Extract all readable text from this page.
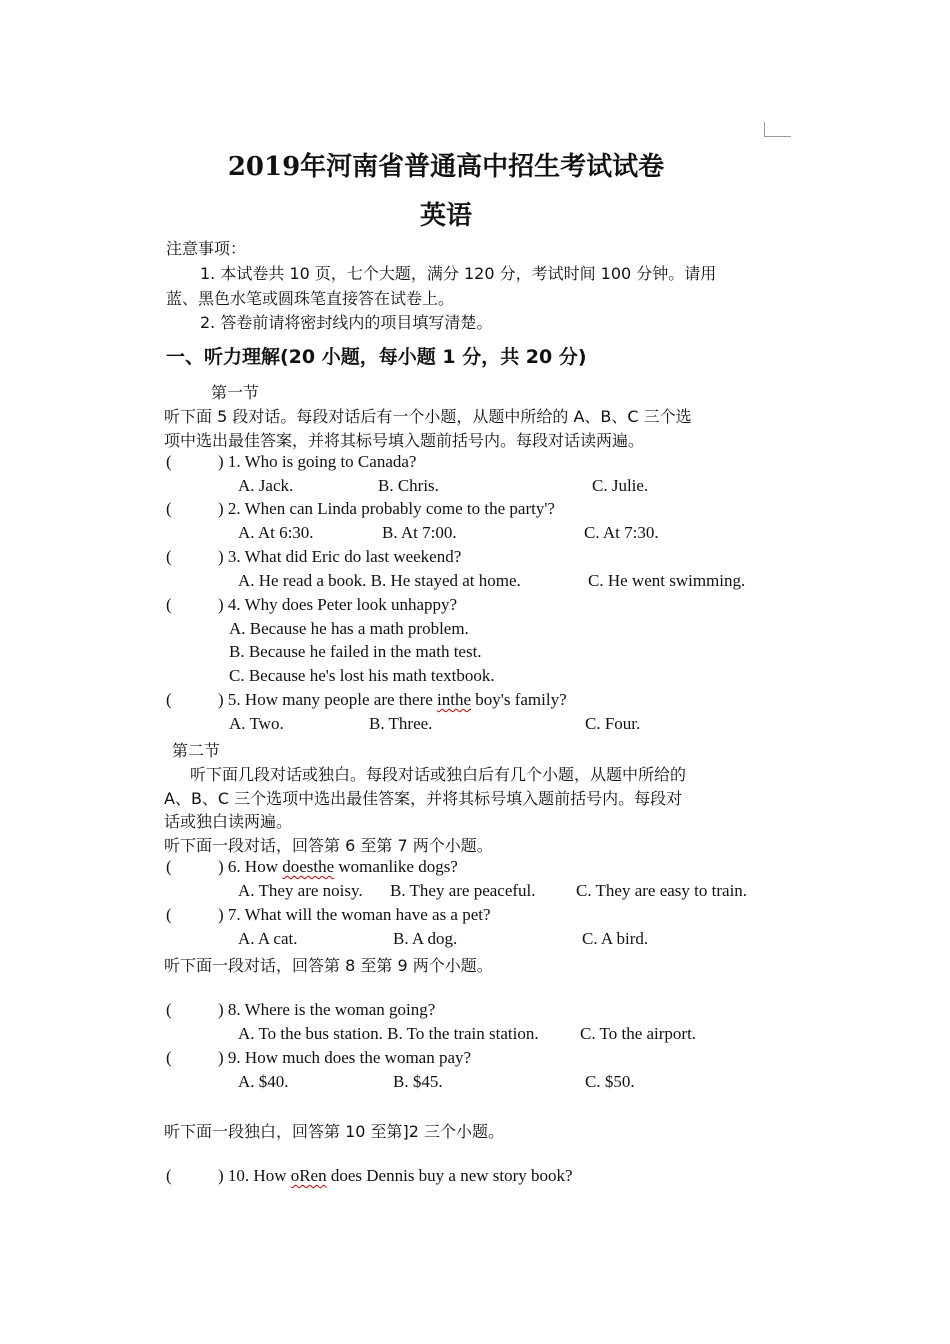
2019年河南省普通高中招生考试试卷
英语
注意事项：
1. 本试卷共 10 页，七个大题，满分 120 分，考试时间 100 分钟。请用
蓝、黑色水笔或圆珠笔直接答在试卷上。
2. 答卷前请将密封线内的项目填写清楚。
一、听力理解(20 小题，每小题 1 分，共 20 分)
第一节
听下面 5 段对话。每段对话后有一个小题，从题中所给的 A、B、C 三个选
项中选出最佳答案，并将其标号填入题前括号内。每段对话读两遍。
(	) 1. Who is going to Canada?
A. Jack.	B. Chris.	C. Julie.
(	) 2. When can Linda probably come to the party'?
A. At 6:30.	B. At 7:00.	C. At 7:30.
(	) 3. What did Eric do last weekend?
A. He read a book. B. He stayed at home.	C. He went swimming.
(	) 4. Why does Peter look unhappy?
A. Because he has a math problem.
B. Because he failed in the math test.
C. Because he's lost his math textbook.
(	) 5. How many people are there inthe boy's family?
A. Two.	B. Three.	C. Four.
第二节
听下面几段对话或独白。每段对话或独白后有几个小题，从题中所给的
A、B、C 三个选项中选出最佳答案，并将其标号填入题前括号内。每段对
话或独白读两遍。
听下面一段对话，回答第 6 至第 7 两个小题。
(	) 6. How doesthe womanlike dogs?
A. They are noisy. B. They are peaceful. C. They are easy to train.
(	) 7. What will the woman have as a pet?
A. A cat.	B. A dog.	C. A bird.
听下面一段对话，回答第 8 至第 9 两个小题。
(	) 8. Where is the woman going?
A. To the bus station. B. To the train station. C. To the airport.
(	) 9. How much does the woman pay?
A. $40.	B. $45.	C. $50.
听下面一段独白，回答第 10 至第]2 三个小题。
(	) 10. How oRen does Dennis buy a new story book?
